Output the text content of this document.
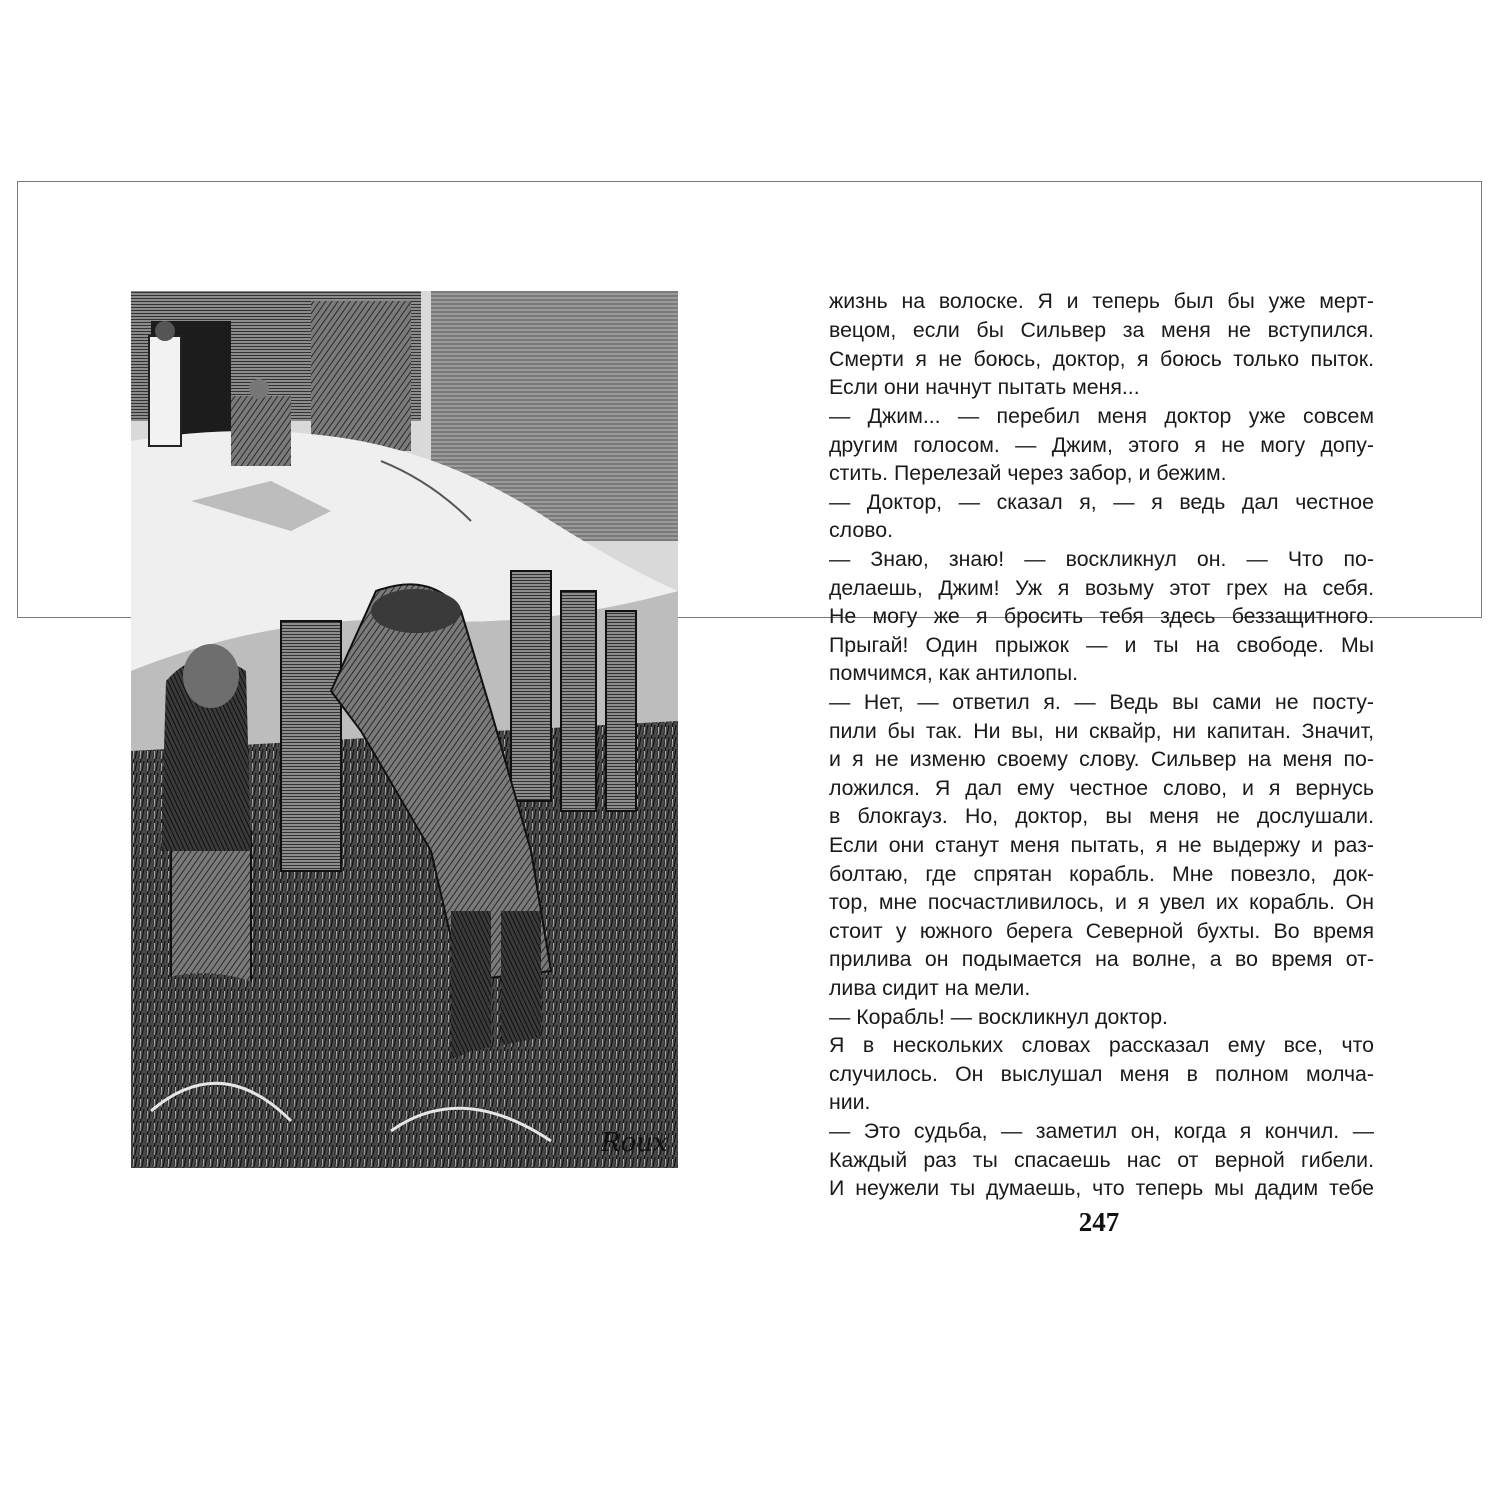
Roux
жизнь на волоске. Я и теперь был бы уже мерт-
вецом, если бы Сильвер за меня не вступился.
Смерти я не боюсь, доктор, я боюсь только пыток.
Если они начнут пытать меня...
— Джим... — перебил меня доктор уже совсем
другим голосом. — Джим, этого я не могу допу-
стить. Перелезай через забор, и бежим.
— Доктор, — сказал я, — я ведь дал честное
слово.
— Знаю, знаю! — воскликнул он. — Что по-
делаешь, Джим! Уж я возьму этот грех на себя.
Не могу же я бросить тебя здесь беззащитного.
Прыгай! Один прыжок — и ты на свободе. Мы
помчимся, как антилопы.
— Нет, — ответил я. — Ведь вы сами не посту-
пили бы так. Ни вы, ни сквайр, ни капитан. Значит,
и я не изменю своему слову. Сильвер на меня по-
ложился. Я дал ему честное слово, и я вернусь
в блокгауз. Но, доктор, вы меня не дослушали.
Если они станут меня пытать, я не выдержу и раз-
болтаю, где спрятан корабль. Мне повезло, док-
тор, мне посчастливилось, и я увел их корабль. Он
стоит у южного берега Северной бухты. Во время
прилива он подымается на волне, а во время от-
лива сидит на мели.
— Корабль! — воскликнул доктор.
Я в нескольких словах рассказал ему все, что
случилось. Он выслушал меня в полном молча-
нии.
— Это судьба, — заметил он, когда я кончил. —
Каждый раз ты спасаешь нас от верной гибели.
И неужели ты думаешь, что теперь мы дадим тебе
247
